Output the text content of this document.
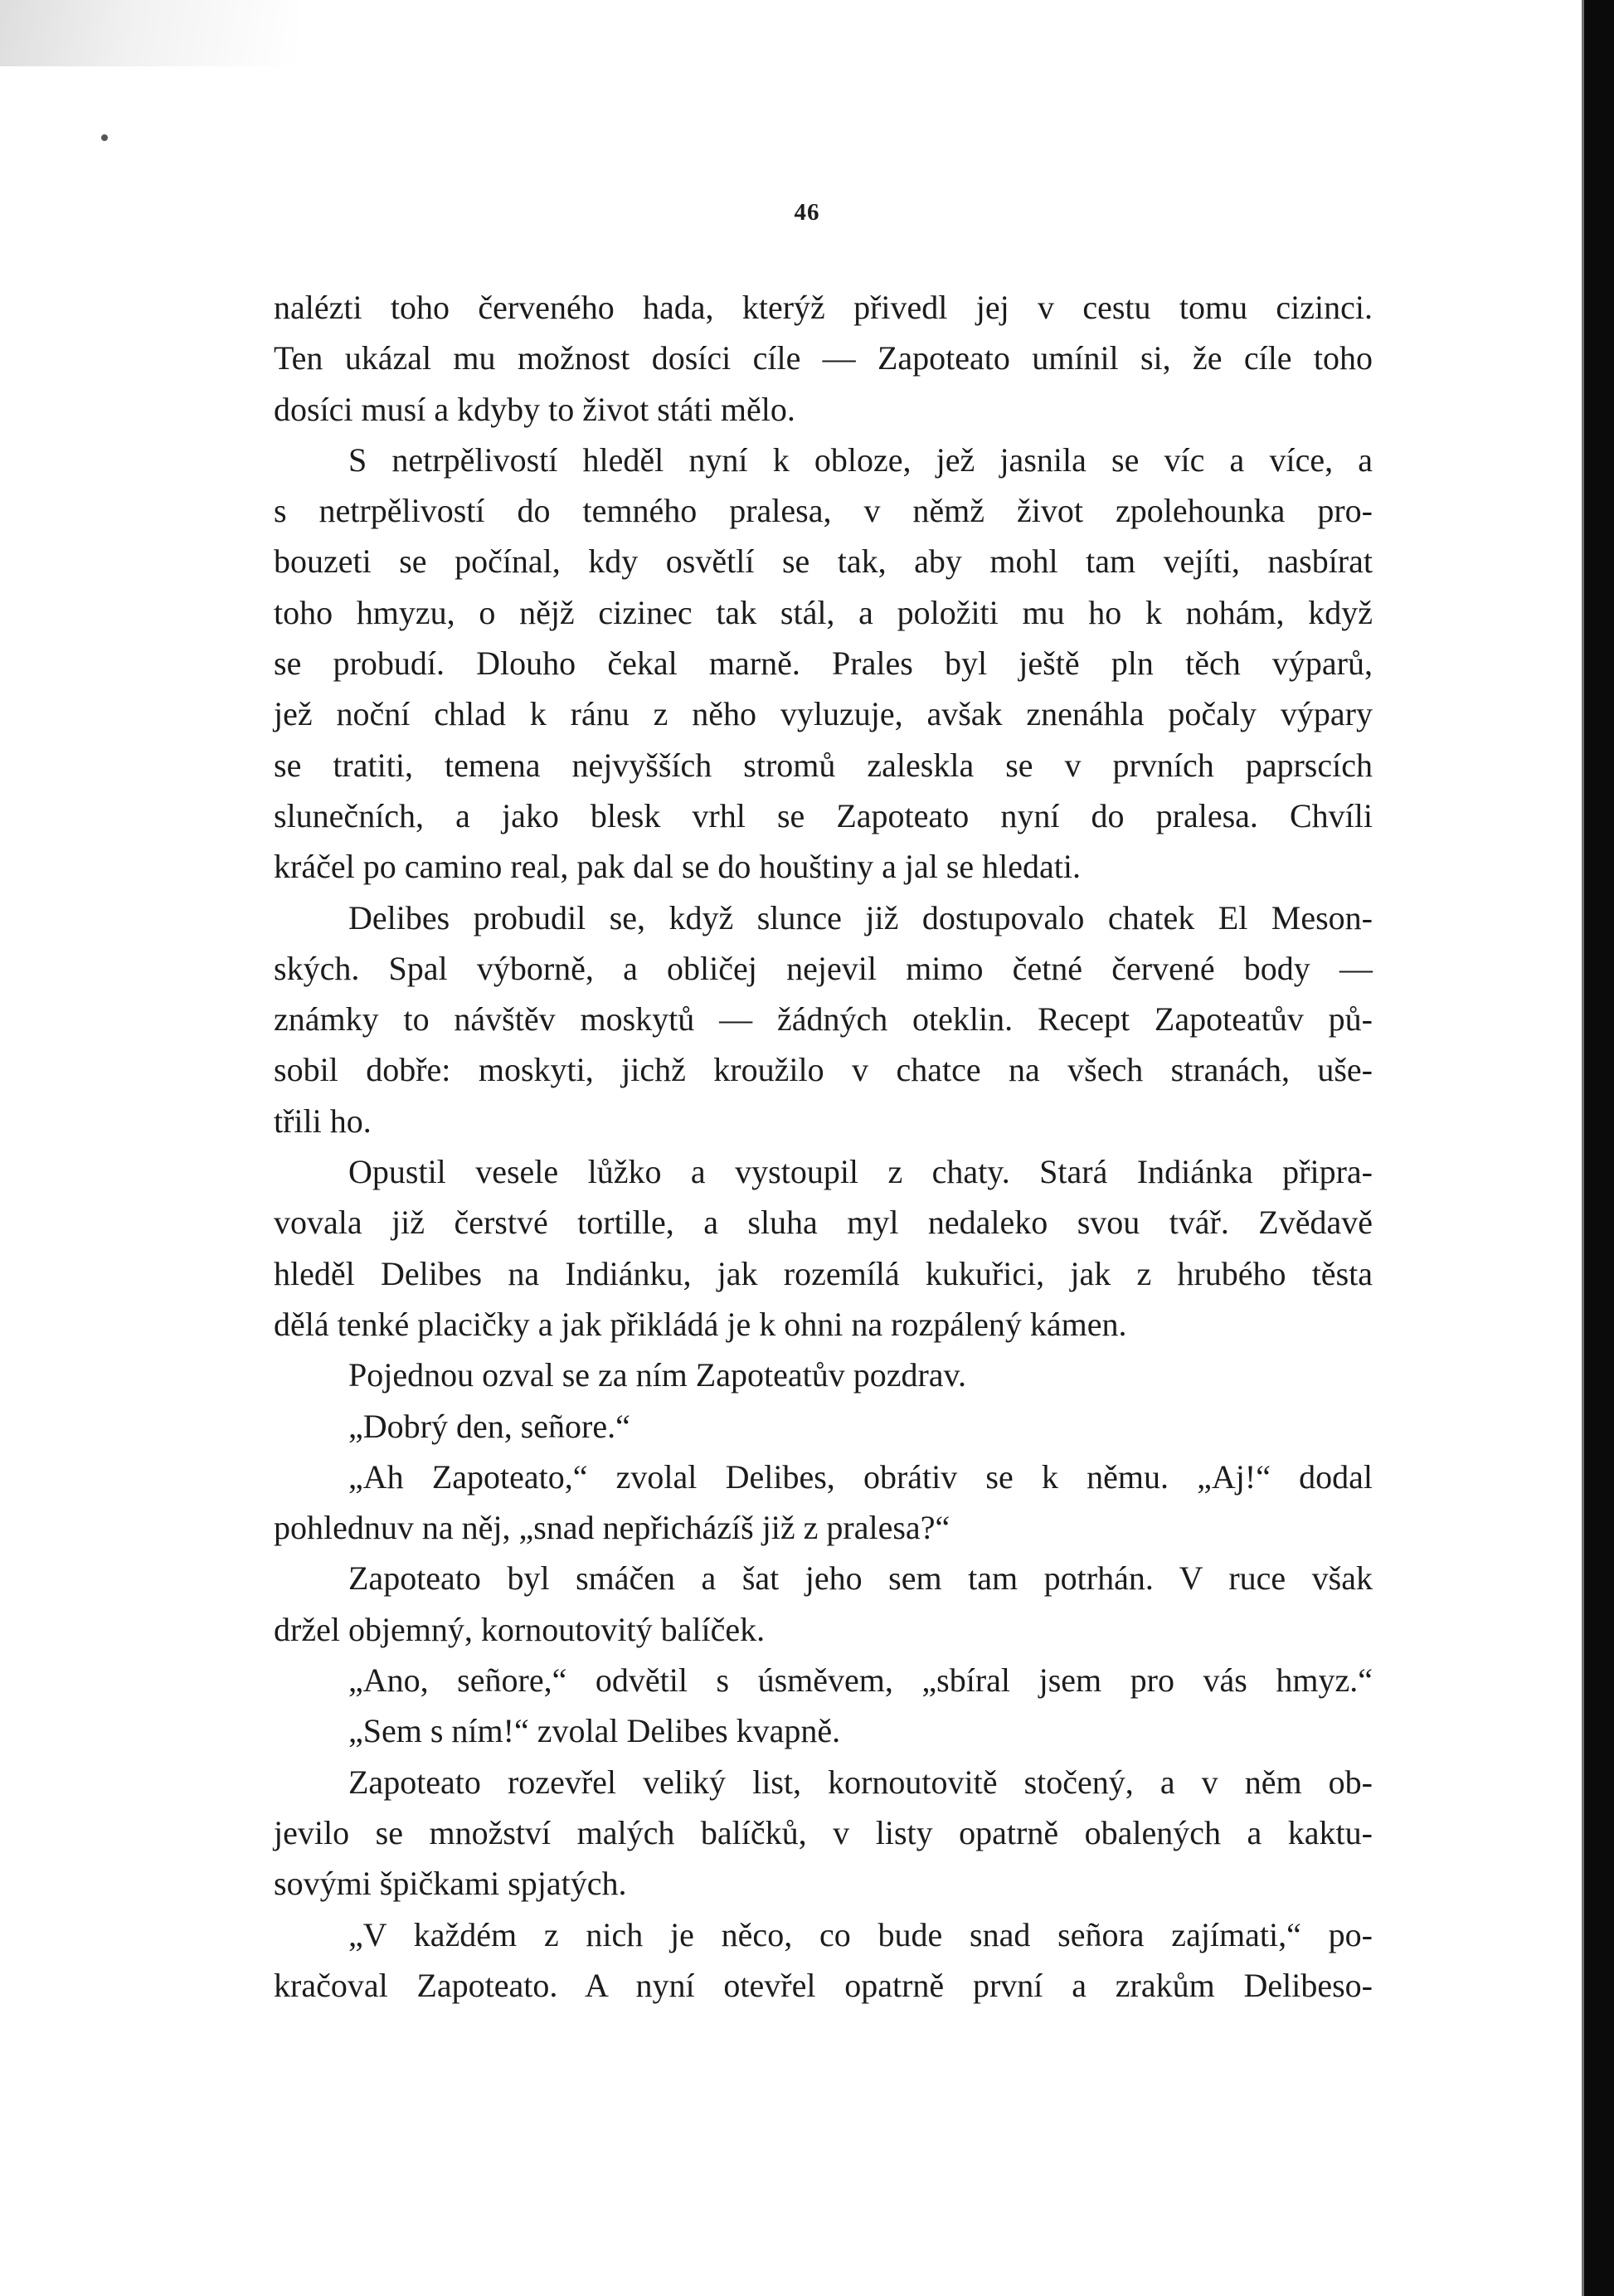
46
nalézti toho červeného hada, kterýž přivedl jej v cestu tomu cizinci.
Ten ukázal mu možnost dosíci cíle — Zapoteato umínil si, že cíle toho
dosíci musí a kdyby to život státi mělo.
S netrpělivostí hleděl nyní k obloze, jež jasnila se víc a více, a
s netrpělivostí do temného pralesa, v němž život zpolehounka pro-
bouzeti se počínal, kdy osvětlí se tak, aby mohl tam vejíti, nasbírat
toho hmyzu, o nějž cizinec tak stál, a položiti mu ho k nohám, když
se probudí. Dlouho čekal marně. Prales byl ještě pln těch výparů,
jež noční chlad k ránu z něho vyluzuje, avšak znenáhla počaly výpary
se tratiti, temena nejvyšších stromů zaleskla se v prvních paprscích
slunečních, a jako blesk vrhl se Zapoteato nyní do pralesa. Chvíli
kráčel po camino real, pak dal se do houštiny a jal se hledati.
Delibes probudil se, když slunce již dostupovalo chatek El Meson-
ských. Spal výborně, a obličej nejevil mimo četné červené body —
známky to návštěv moskytů — žádných oteklin. Recept Zapoteatův pů-
sobil dobře: moskyti, jichž kroužilo v chatce na všech stranách, uše-
třili ho.
Opustil vesele lůžko a vystoupil z chaty. Stará Indiánka připra-
vovala již čerstvé tortille, a sluha myl nedaleko svou tvář. Zvědavě
hleděl Delibes na Indiánku, jak rozemílá kukuřici, jak z hrubého těsta
dělá tenké placičky a jak přikládá je k ohni na rozpálený kámen.
Pojednou ozval se za ním Zapoteatův pozdrav.
„Dobrý den, señore.“
„Ah Zapoteato,“ zvolal Delibes, obrátiv se k němu. „Aj!“ dodal
pohlednuv na něj, „snad nepřicházíš již z pralesa?“
Zapoteato byl smáčen a šat jeho sem tam potrhán. V ruce však
držel objemný, kornoutovitý balíček.
„Ano, señore,“ odvětil s úsměvem, „sbíral jsem pro vás hmyz.“
„Sem s ním!“ zvolal Delibes kvapně.
Zapoteato rozevřel veliký list, kornoutovitě stočený, a v něm ob-
jevilo se množství malých balíčků, v listy opatrně obalených a kaktu-
sovými špičkami spjatých.
„V každém z nich je něco, co bude snad señora zajímati,“ po-
kračoval Zapoteato. A nyní otevřel opatrně první a zrakům Delibeso-
